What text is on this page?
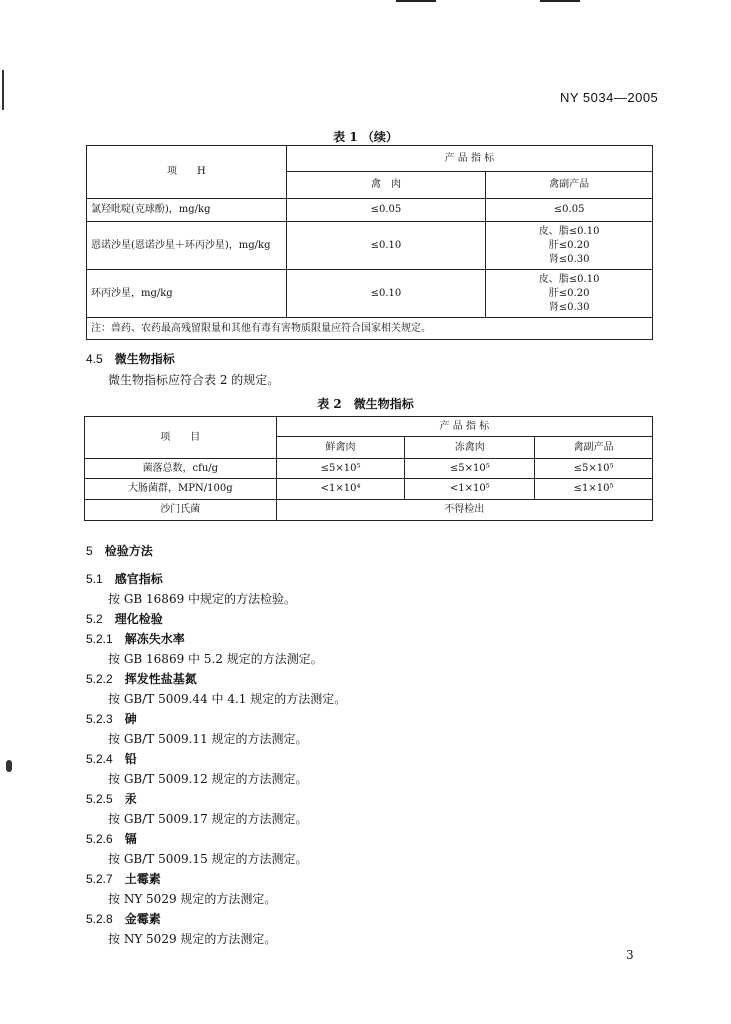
NY 5034—2005
表 1 （续）
项　　H	产 品 指 标	
	禽　肉	禽副产品
氯羟吡啶(克球酚)，mg/kg	≤0.05	≤0.05
恩诺沙星(恩诺沙星＋环丙沙星)，mg/kg	≤0.10	皮、脂≤0.10
肝≤0.20
肾≤0.30

环丙沙星，mg/kg	≤0.10	皮、脂≤0.10
肝≤0.20
肾≤0.30

注：兽药、农药最高残留限量和其他有毒有害物质限量应符合国家相关规定。		
4.5 微生物指标
微生物指标应符合表 2 的规定。
表 2　微生物指标
项　　目	产 品 指 标		
	鲜禽肉	冻禽肉	禽副产品
菌落总数，cfu/g	≤5×10⁵	≤5×10⁵	≤5×10⁵
大肠菌群，MPN/100g	<1×10⁴	<1×10⁵	≤1×10⁵
沙门氏菌	不得检出		
5 检验方法
5.1 感官指标
按 GB 16869 中规定的方法检验。
5.2 理化检验
5.2.1 解冻失水率
按 GB 16869 中 5.2 规定的方法测定。
5.2.2 挥发性盐基氮
按 GB/T 5009.44 中 4.1 规定的方法测定。
5.2.3 砷
按 GB/T 5009.11 规定的方法测定。
5.2.4 铅
按 GB/T 5009.12 规定的方法测定。
5.2.5 汞
按 GB/T 5009.17 规定的方法测定。
5.2.6 镉
按 GB/T 5009.15 规定的方法测定。
5.2.7 土霉素
按 NY 5029 规定的方法测定。
5.2.8 金霉素
按 NY 5029 规定的方法测定。
3
